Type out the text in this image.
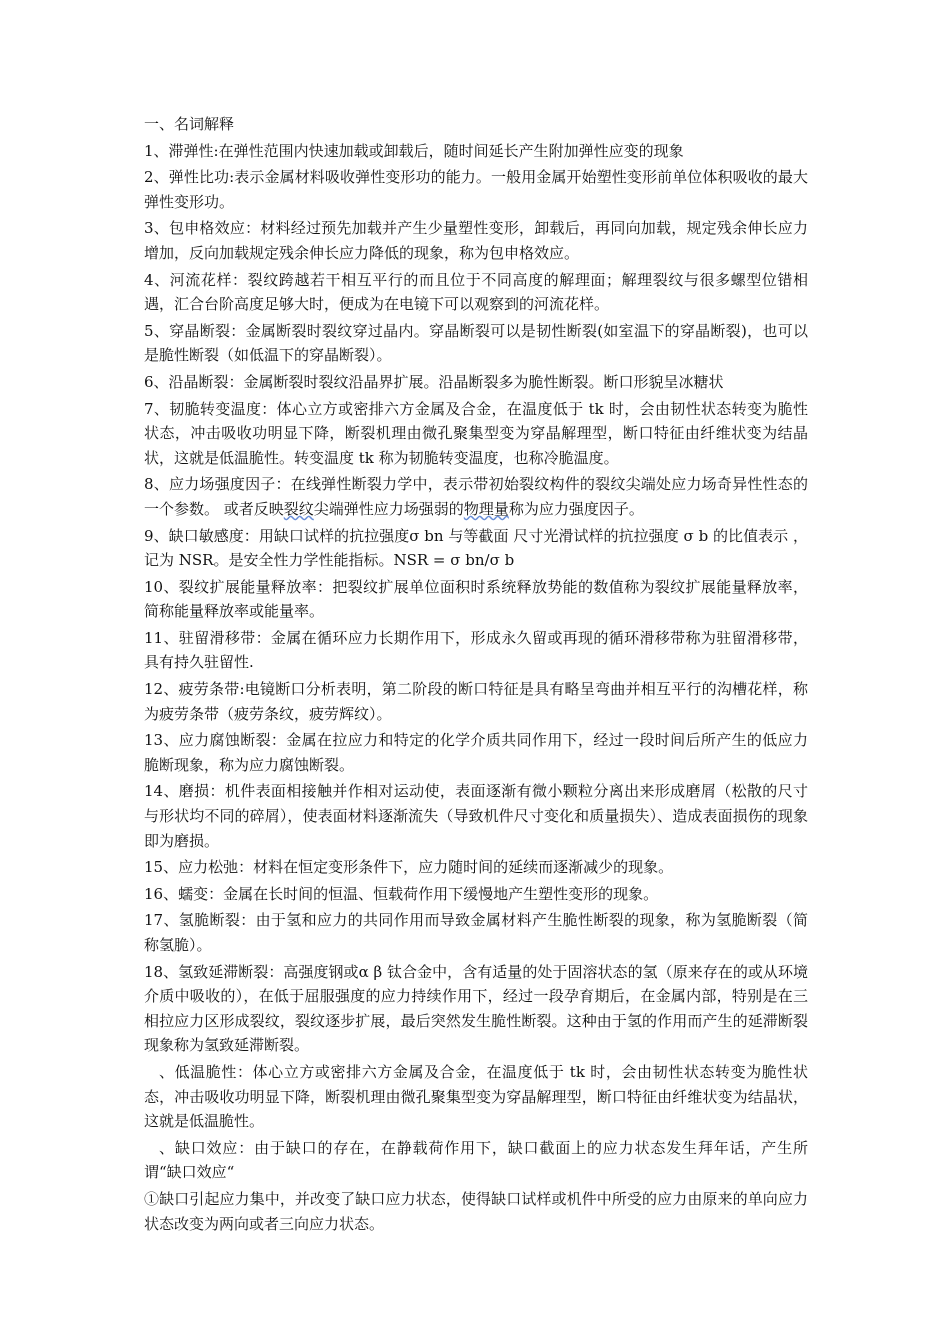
一、名词解释

1、滞弹性:在弹性范围内快速加载或卸载后，随时间延长产生附加弹性应变的现象

2、弹性比功:表示金属材料吸收弹性变形功的能力。一般用金属开始塑性变形前单位体积吸收的最大弹性变形功。

3、包申格效应：材料经过预先加载并产生少量塑性变形，卸载后，再同向加载，规定残余伸长应力增加，反向加载规定残余伸长应力降低的现象，称为包申格效应。

4、河流花样：裂纹跨越若干相互平行的而且位于不同高度的解理面；解理裂纹与很多螺型位错相遇，汇合台阶高度足够大时，便成为在电镜下可以观察到的河流花样。

5、穿晶断裂：金属断裂时裂纹穿过晶内。穿晶断裂可以是韧性断裂(如室温下的穿晶断裂)，也可以是脆性断裂（如低温下的穿晶断裂）。

6、沿晶断裂：金属断裂时裂纹沿晶界扩展。沿晶断裂多为脆性断裂。断口形貌呈冰糖状

7、韧脆转变温度：体心立方或密排六方金属及合金，在温度低于 tk 时，会由韧性状态转变为脆性状态，冲击吸收功明显下降，断裂机理由微孔聚集型变为穿晶解理型，断口特征由纤维状变为结晶状，这就是低温脆性。转变温度 tk 称为韧脆转变温度，也称冷脆温度。

8、应力场强度因子：在线弹性断裂力学中，表示带初始裂纹构件的裂纹尖端处应力场奇异性性态的一个参数。 或者反映裂纹尖端弹性应力场强弱的物理量称为应力强度因子。

9、缺口敏感度：用缺口试样的抗拉强度σ bn 与等截面 尺寸光滑试样的抗拉强度 σ b 的比值表示 ，记为 NSR。是安全性力学性能指标。NSR = σ bn/σ b

10、裂纹扩展能量释放率：把裂纹扩展单位面积时系统释放势能的数值称为裂纹扩展能量释放率，简称能量释放率或能量率。

11、驻留滑移带：金属在循环应力长期作用下，形成永久留或再现的循环滑移带称为驻留滑移带，具有持久驻留性.

12、疲劳条带:电镜断口分析表明，第二阶段的断口特征是具有略呈弯曲并相互平行的沟槽花样，称为疲劳条带（疲劳条纹，疲劳辉纹）。

13、应力腐蚀断裂：金属在拉应力和特定的化学介质共同作用下，经过一段时间后所产生的低应力脆断现象，称为应力腐蚀断裂。

14、磨损：机件表面相接触并作相对运动使，表面逐渐有微小颗粒分离出来形成磨屑（松散的尺寸与形状均不同的碎屑），使表面材料逐渐流失（导致机件尺寸变化和质量损失）、造成表面损伤的现象即为磨损。

15、应力松弛：材料在恒定变形条件下，应力随时间的延续而逐渐减少的现象。

16、蠕变：金属在长时间的恒温、恒载荷作用下缓慢地产生塑性变形的现象。

17、氢脆断裂：由于氢和应力的共同作用而导致金属材料产生脆性断裂的现象，称为氢脆断裂（简称氢脆）。

18、氢致延滞断裂：高强度钢或α β 钛合金中，含有适量的处于固溶状态的氢（原来存在的或从环境介质中吸收的），在低于屈服强度的应力持续作用下，经过一段孕育期后，在金属内部，特别是在三相拉应力区形成裂纹，裂纹逐步扩展，最后突然发生脆性断裂。这种由于氢的作用而产生的延滞断裂现象称为氢致延滞断裂。

、低温脆性：体心立方或密排六方金属及合金，在温度低于 tk 时，会由韧性状态转变为脆性状态，冲击吸收功明显下降，断裂机理由微孔聚集型变为穿晶解理型，断口特征由纤维状变为结晶状，这就是低温脆性。

、缺口效应：由于缺口的存在，在静载荷作用下，缺口截面上的应力状态发生拜年话，产生所谓“缺口效应“

①缺口引起应力集中，并改变了缺口应力状态，使得缺口试样或机件中所受的应力由原来的单向应力状态改变为两向或者三向应力状态。
